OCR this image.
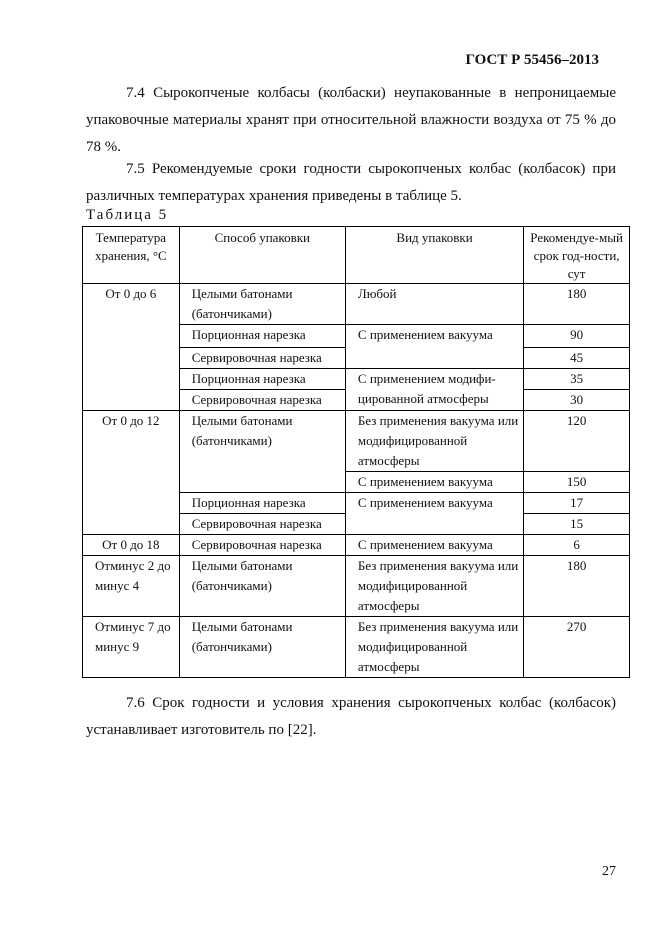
ГОСТ Р 55456–2013
7.4 Сырокопченые колбасы (колбаски) неупакованные в непроницаемые упаковочные материалы хранят при относительной влажности воздуха от 75 % до 78 %.
7.5 Рекомендуемые сроки годности сырокопченых колбас (колбасок) при различных температурах хранения приведены в таблице 5.
Таблица 5
Температура хранения, °С	Способ упаковки	Вид упаковки	Рекомендуе-мый срок год-ности, сут
От 0 до 6	Целыми батонами (батончиками)	Любой	180
	Порционная нарезка	С применением вакуума	90
	Сервировочная нарезка		45
	Порционная нарезка	С применением модифи-цированной атмосферы	35
	Сервировочная нарезка		30
От 0 до 12	Целыми батонами (батончиками)	Без применения вакуума или модифицированной атмосферы	120
		С применением вакуума	150
	Порционная нарезка	С применением вакуума	17
	Сервировочная нарезка		15
От 0 до 18	Сервировочная нарезка	С применением вакуума	6
Отминус 2 до минус 4	Целыми батонами (батончиками)	Без применения вакуума или модифицированной атмосферы	180
Отминус 7 до минус 9	Целыми батонами (батончиками)	Без применения вакуума или модифицированной атмосферы	270
7.6 Срок годности и условия хранения сырокопченых колбас (колбасок) устанавливает изготовитель по [22].
27
